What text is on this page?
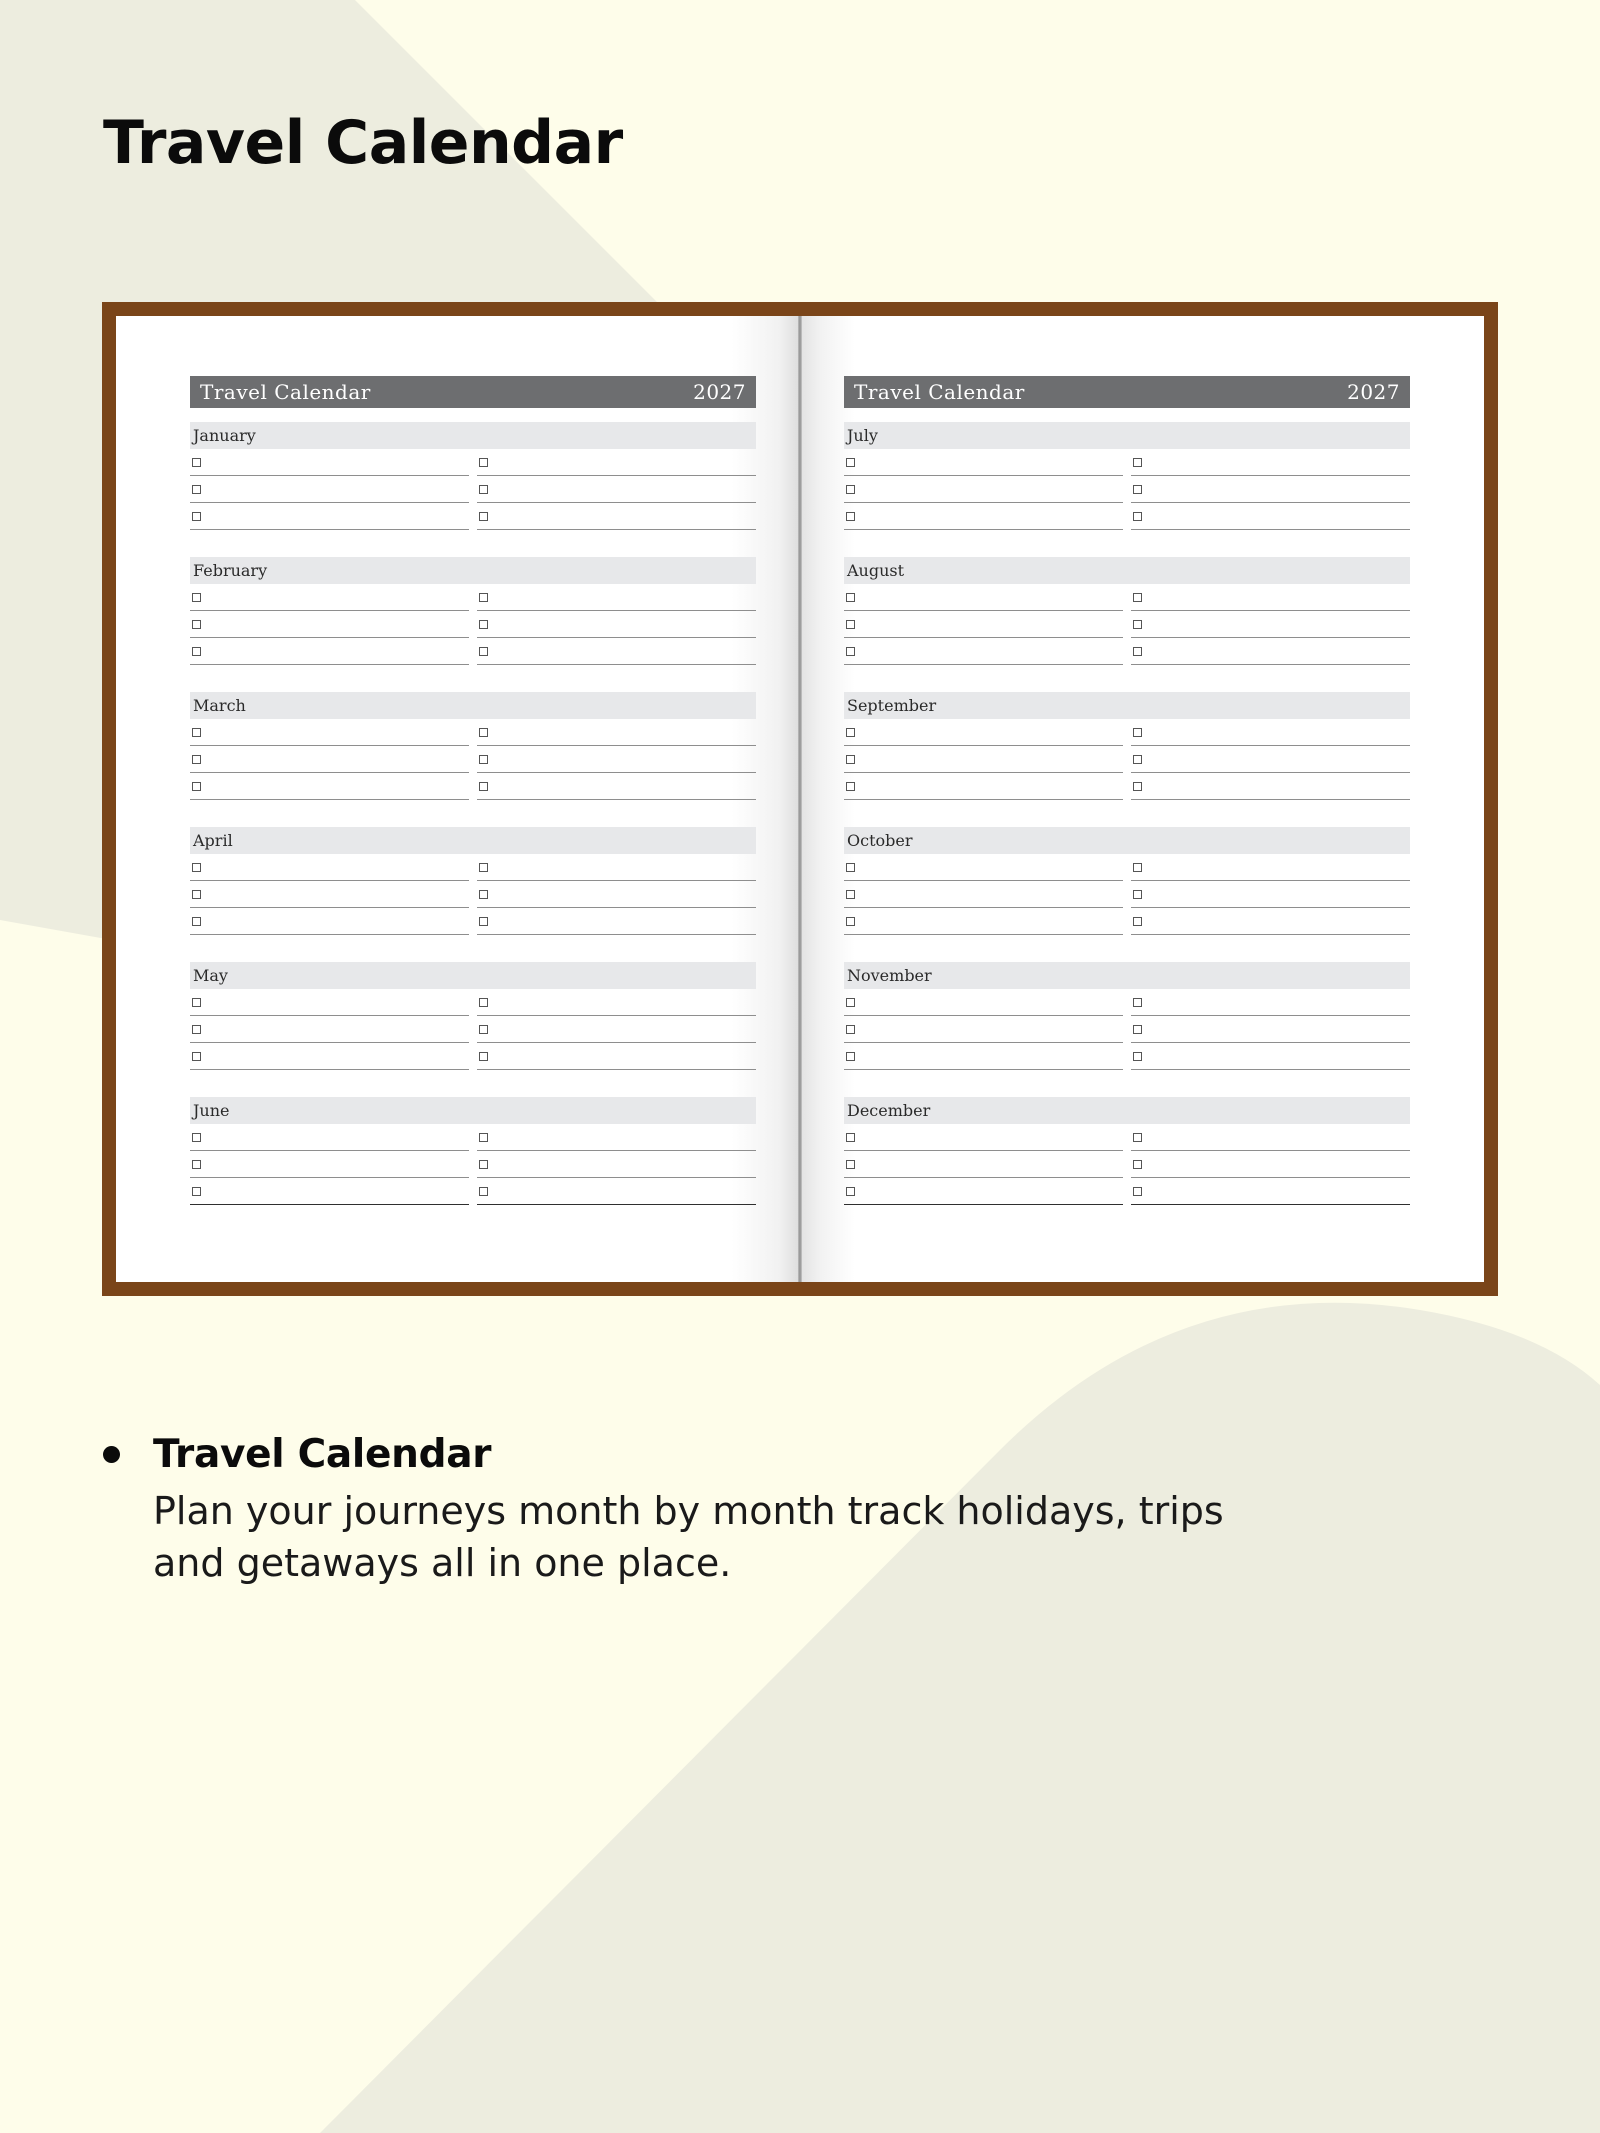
Travel Calendar
Travel Calendar	2027
January
February
March
April
May
June
Travel Calendar	2027
July
August
September
October
November
December

Travel Calendar

Plan your journeys month by month track holidays, trips and getaways all in one place.
